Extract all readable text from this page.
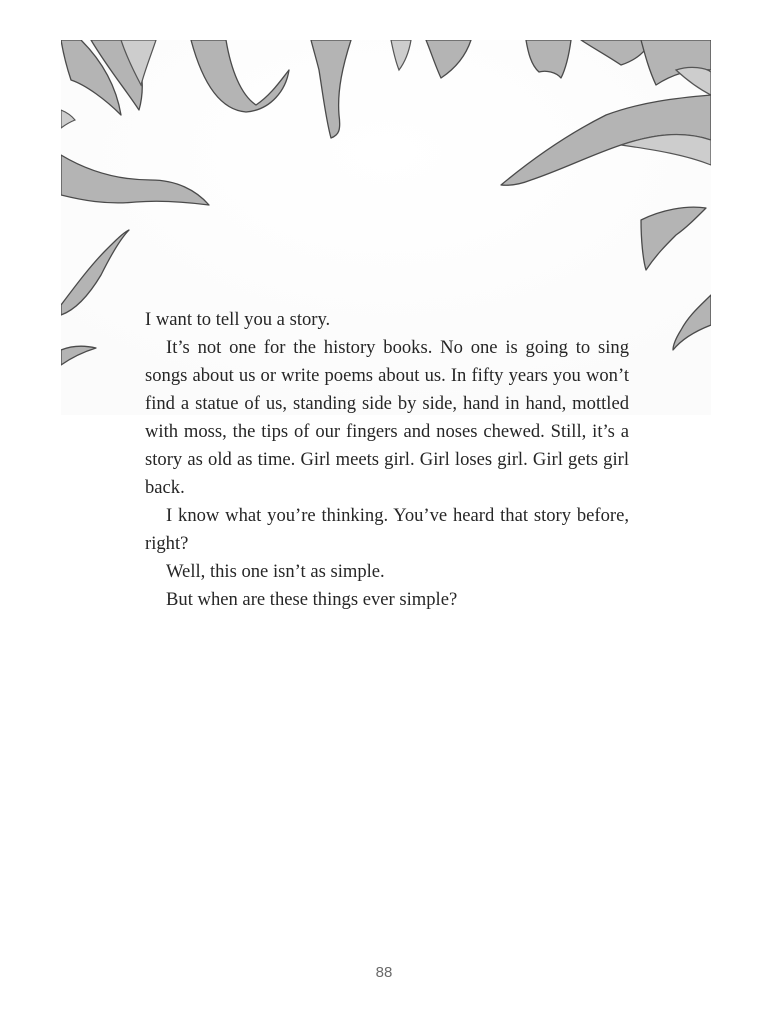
I want to tell you a story.

It’s not one for the history books. No one is going to sing songs about us or write poems about us. In fifty years you won’t find a statue of us, standing side by side, hand in hand, mottled with moss, the tips of our fingers and noses chewed. Still, it’s a story as old as time. Girl meets girl. Girl loses girl. Girl gets girl back.

I know what you’re thinking. You’ve heard that story before, right?

Well, this one isn’t as simple.

But when are these things ever simple?

88
